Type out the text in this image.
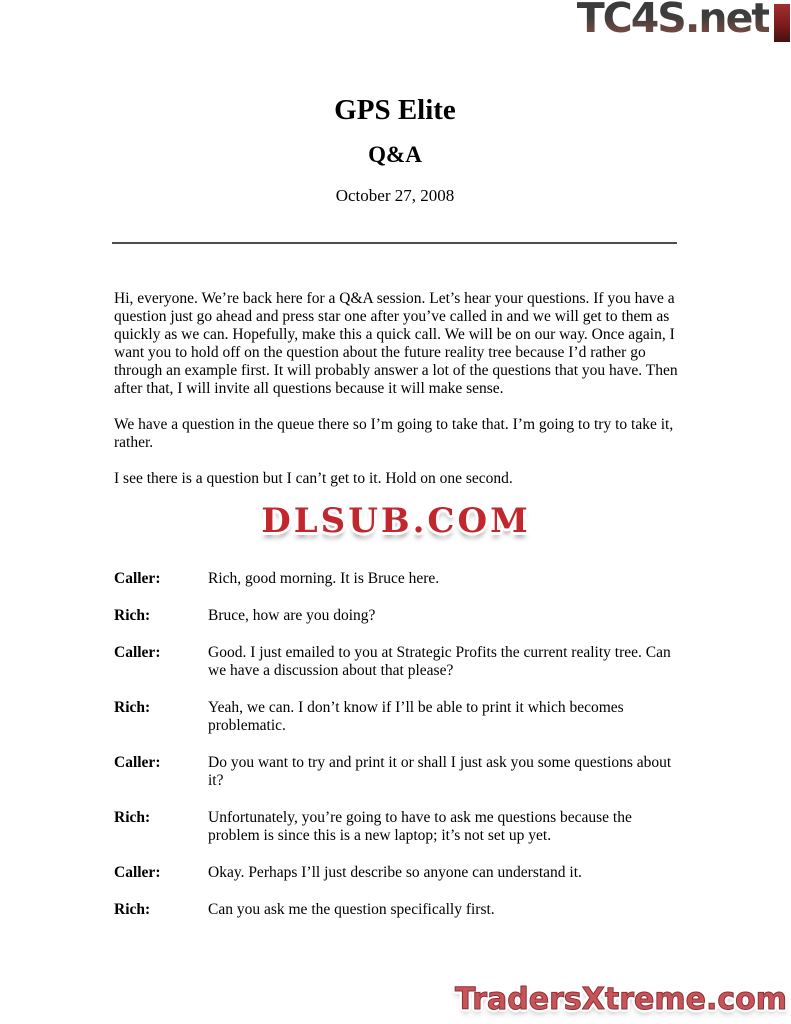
TC4S.net
GPS Elite
Q&A
October 27, 2008

Hi, everyone. We’re back here for a Q&A session. Let’s hear your questions. If you have a question just go ahead and press star one after you’ve called in and we will get to them as quickly as we can. Hopefully, make this a quick call. We will be on our way. Once again, I want you to hold off on the question about the future reality tree because I’d rather go through an example first. It will probably answer a lot of the questions that you have. Then after that, I will invite all questions because it will make sense.

We have a question in the queue there so I’m going to take that. I’m going to try to take it, rather.

I see there is a question but I can’t get to it. Hold on one second.

DLSUB.COM
Caller:	Rich, good morning. It is Bruce here.
Rich:	Bruce, how are you doing?
Caller:	Good. I just emailed to you at Strategic Profits the current reality tree. Can we have a discussion about that please?
Rich:	Yeah, we can. I don’t know if I’ll be able to print it which becomes problematic.
Caller:	Do you want to try and print it or shall I just ask you some questions about it?
Rich:	Unfortunately, you’re going to have to ask me questions because the problem is since this is a new laptop; it’s not set up yet.
Caller:	Okay. Perhaps I’ll just describe so anyone can understand it.
Rich:	Can you ask me the question specifically first.
TradersXtreme.com
